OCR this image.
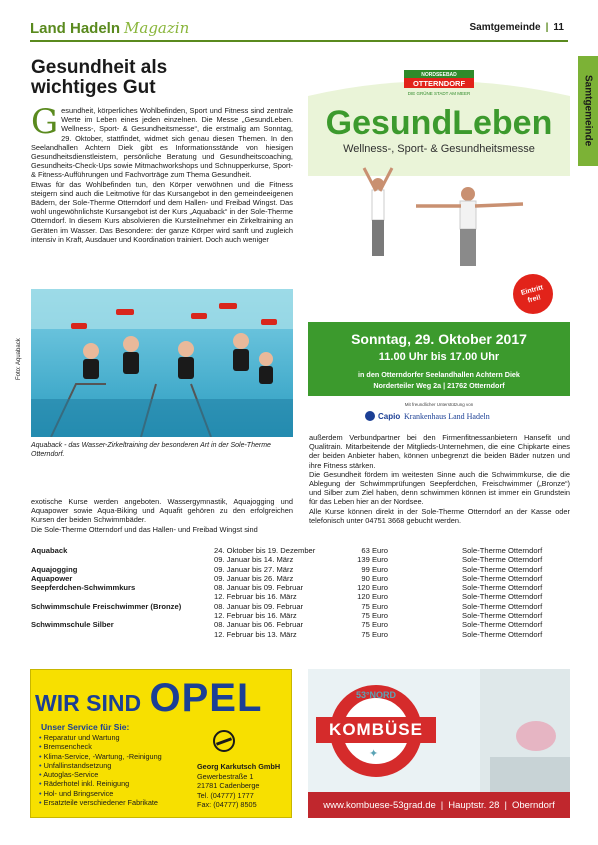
Land Hadeln Magazin	Samtgemeinde | 11
Samtgemeinde
Gesundheit als
wichtiges Gut
G esundheit, körperliches Wohlbefinden, Sport und Fitness sind zentrale Werte im Leben eines jeden einzelnen. Die Messe „GesundLeben. Wellness-, Sport- & Gesundheitsmesse“, die erstmalig am Sonntag, 29. Oktober, stattfindet, widmet sich genau diesen Themen. In den Seelandhallen Achtern Diek gibt es Informationsstände von hiesigen Gesundheitsdienstleistern, persönliche Beratung und Gesundheitscoaching, Gesundheits-Check-Ups sowie Mitmachworkshops und Schnupperkurse, Sport- & Fitness-Aufführungen und Fachvorträge zum Thema Gesundheit.
Etwas für das Wohlbefinden tun, den Körper verwöhnen und die Fitness steigern sind auch die Leitmotive für das Kursangebot in den gemeindeeigenen Bädern, der Sole-Therme Otterndorf und dem Hallen- und Freibad Wingst. Das wohl ungewöhnlichste Kursangebot ist der Kurs „Aquaback“ in der Sole-Therme Otterndorf. In diesem Kurs absolvieren die Kursteilnehmer ein Zirkeltraining an Geräten im Wasser. Das Besondere: der ganze Körper wird sanft und zugleich intensiv in Kraft, Ausdauer und Koordination trainiert. Doch auch weniger
Foto: Aquaback
Aquaback - das Wasser-Zirkeltraining der besonderen Art in der Sole-Therme Otterndorf.
exotische Kurse werden angeboten. Wassergymnastik, Aquajogging und Aquapower sowie Aqua-Biking und Aquafit gehören zu den erfolgreichen Kursen der beiden Schwimmbäder.
Die Sole-Therme Otterndorf und das Hallen- und Freibad Wingst sind
außerdem Verbundpartner bei den Firmenfitnessanbietern Hansefit und Qualitrain. Mitarbeitende der Mitglieds-Unternehmen, die eine Chipkarte eines der beiden Anbieter haben, können unbegrenzt die beiden Bäder nutzen und ihre Fitness stärken.
Die Gesundheit fördern im weitesten Sinne auch die Schwimmkurse, die die Ablegung der Schwimmprüfungen Seepferdchen, Freischwimmer („Bronze“) und Silber zum Ziel haben, denn schwimmen können ist immer ein Grundstein für das Leben hier an der Nordsee.
Alle Kurse können direkt in der Sole-Therme Otterndorf an der Kasse oder telefonisch unter 04751 3668 gebucht werden.
NORDSEEBAD
OTTERNDORF
DIE GRÜNE STADT AM MEER
GesundLeben
Wellness-, Sport- & Gesundheitsmesse
Eintritt
frei!
Sonntag, 29. Oktober 2017
11.00 Uhr bis 17.00 Uhr
in den Otterndorfer Seelandhallen Achtern Diek
Norderteiler Weg 2a | 21762 Otterndorf
Mit freundlicher Unterstützung von
Capio Krankenhaus Land Hadeln
Aquaback	24. Oktober bis 19. Dezember	63 Euro	Sole-Therme Otterndorf
	09. Januar bis 14. März	139 Euro	Sole-Therme Otterndorf
Aquajogging	09. Januar bis 27. März	99 Euro	Sole-Therme Otterndorf
Aquapower	09. Januar bis 26. März	90 Euro	Sole-Therme Otterndorf
Seepferdchen-Schwimmkurs	08. Januar bis 09. Februar	120 Euro	Sole-Therme Otterndorf
	12. Februar bis 16. März	120 Euro	Sole-Therme Otterndorf
Schwimmschule Freischwimmer (Bronze)	08. Januar bis 09. Februar	75 Euro	Sole-Therme Otterndorf
	12. Februar bis 16. März	75 Euro	Sole-Therme Otterndorf
Schwimmschule Silber	08. Januar bis 06. Februar	75 Euro	Sole-Therme Otterndorf
	12. Februar bis 13. März	75 Euro	Sole-Therme Otterndorf
WIR SIND OPEL
Unser Service für Sie:
• Reparatur und Wartung
• Bremsencheck
• Klima-Service, -Wartung, -Reinigung
• Unfallinstandsetzung
• Autoglas-Service
• Räderhotel inkl. Reinigung
• Hol- und Bringservice
• Ersatzteile verschiedener Fabrikate
Georg Karkutsch GmbH
Gewerbestraße 1
21781 Cadenberge
Tel. (04777) 1777
Fax: (04777) 8505
53°NORD
KOMBÜSE
✦
www.kombuese-53grad.de | Hauptstr. 28 | Oberndorf
